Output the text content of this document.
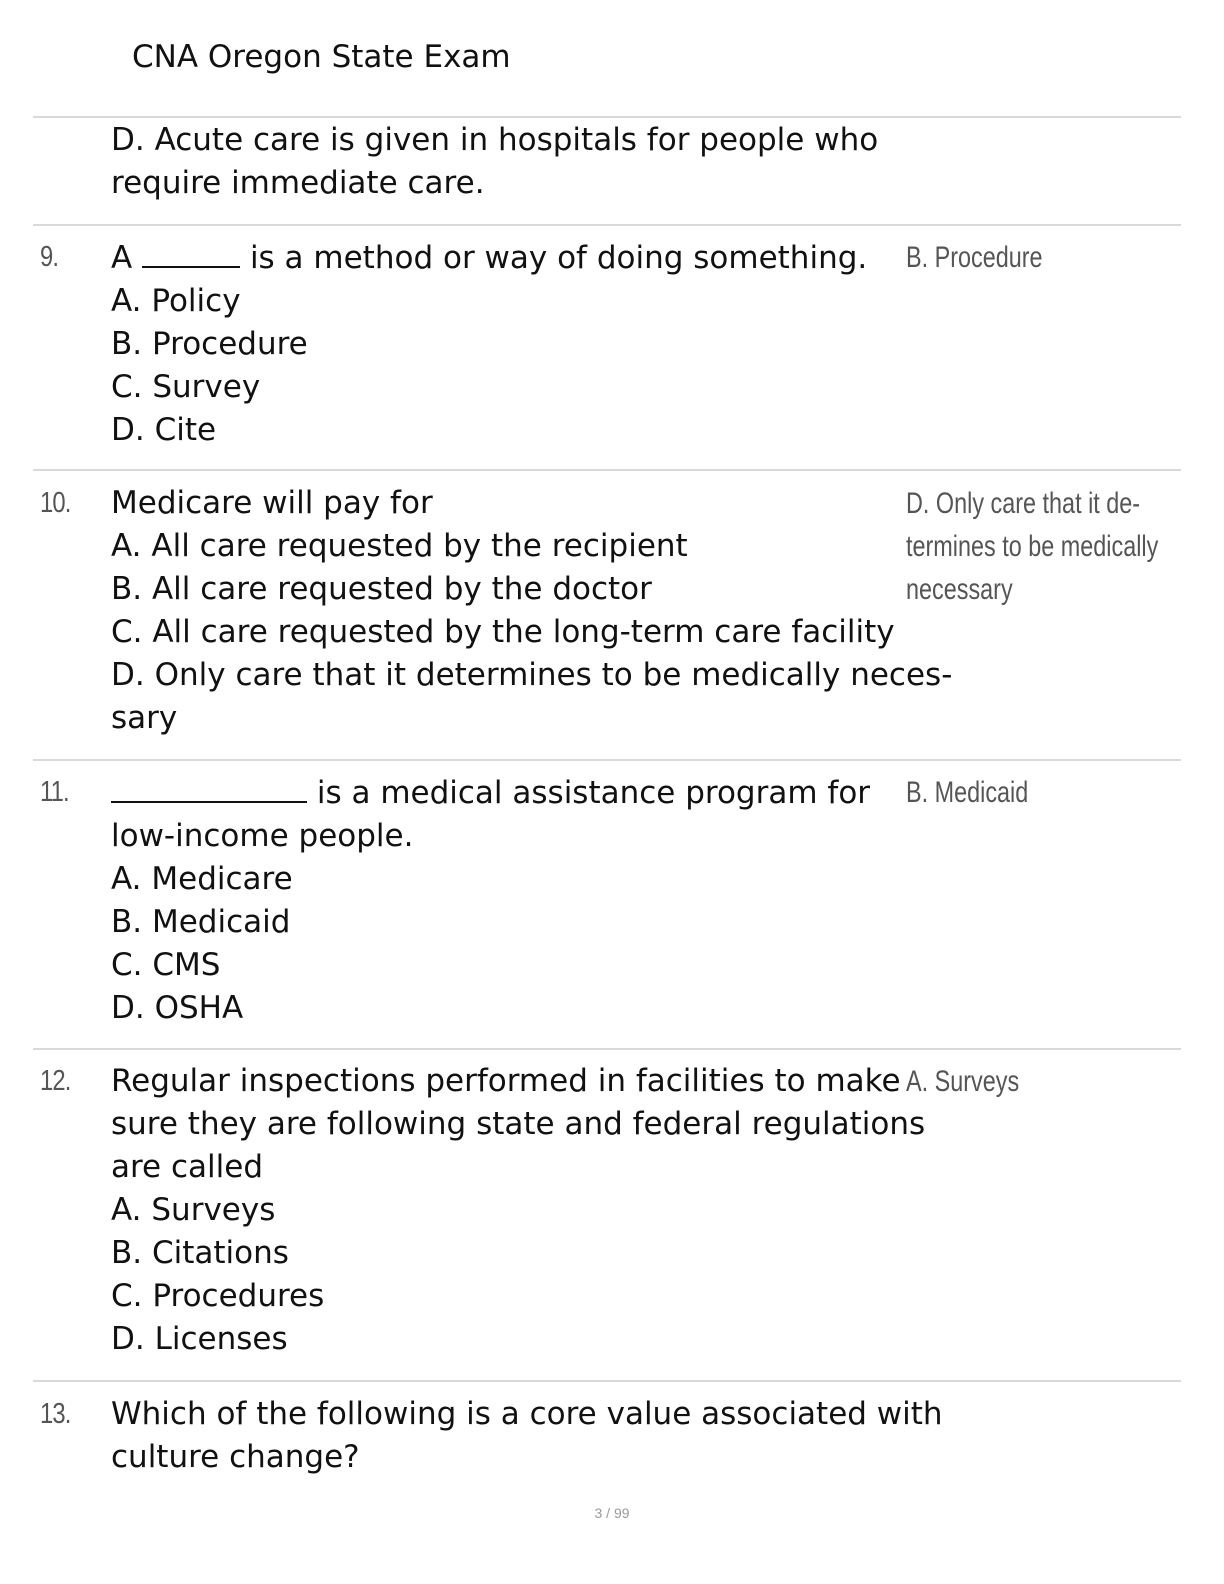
CNA Oregon State Exam
D. Acute care is given in hospitals for people who
require immediate care.
9. A	is a method or way of doing something.
A. Policy
B. Procedure
C. Survey
D. Cite
B. Procedure
10. Medicare will pay for
A. All care requested by the recipient
B. All care requested by the doctor
C. All care requested by the long-term care facility
D. Only care that it determines to be medically neces-
sary
D. Only care that it de-
termines to be medically
necessary
11.	is a medical assistance program for
low-income people.
A. Medicare
B. Medicaid
C. CMS
D. OSHA
B. Medicaid
12. Regular inspections performed in facilities to make
sure they are following state and federal regulations
are called
A. Surveys
B. Citations
C. Procedures
D. Licenses
A. Surveys
13. Which of the following is a core value associated with
culture change?
3 / 99
